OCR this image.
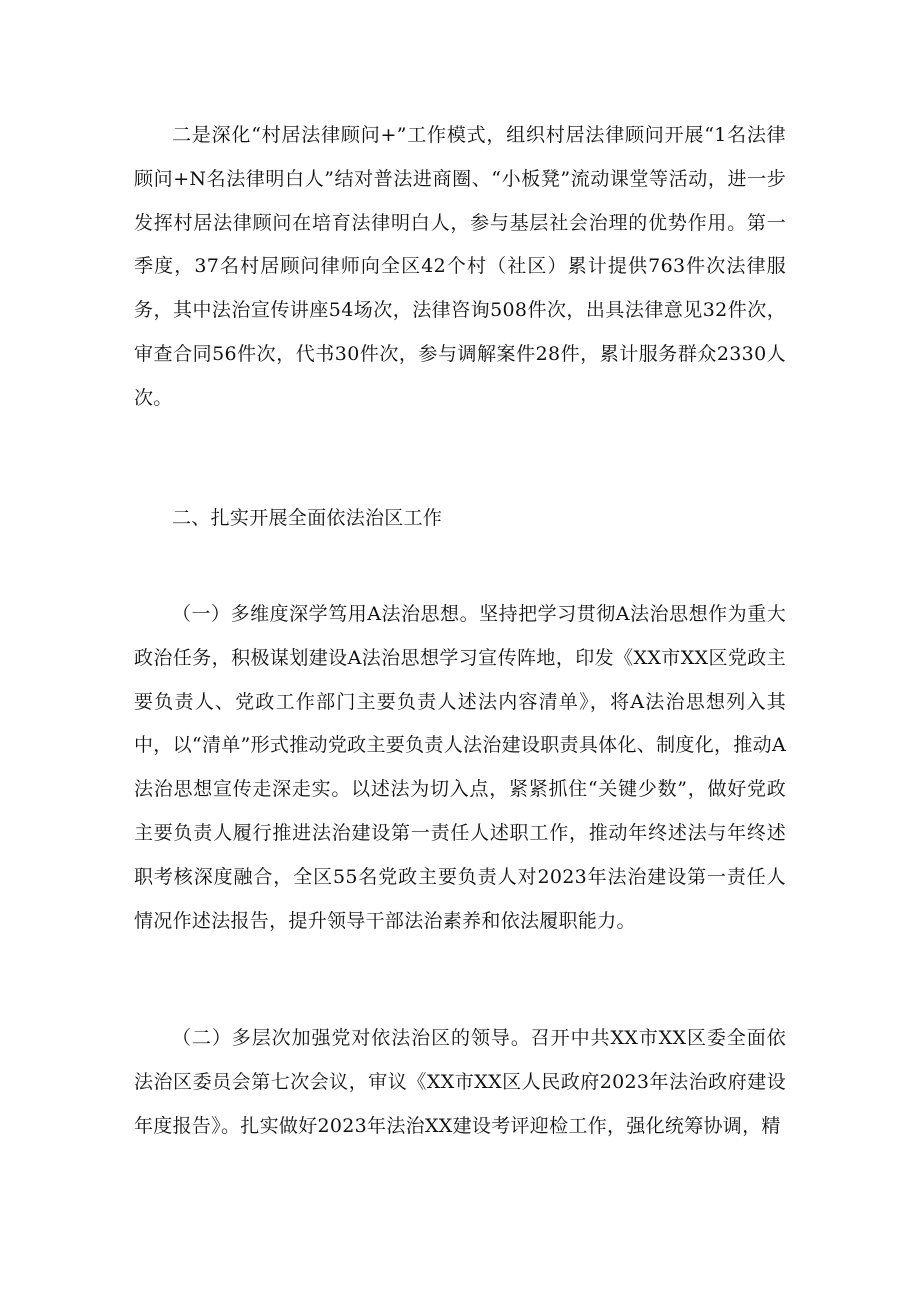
二是深化“村居法律顾问+”工作模式，组织村居法律顾问开展“1名法律顾问+N名法律明白人”结对普法进商圈、“小板凳”流动课堂等活动，进一步发挥村居法律顾问在培育法律明白人，参与基层社会治理的优势作用。第一季度，37名村居顾问律师向全区42个村（社区）累计提供763件次法律服务，其中法治宣传讲座54场次，法律咨询508件次，出具法律意见32件次，审查合同56件次，代书30件次，参与调解案件28件，累计服务群众2330人次。

二、扎实开展全面依法治区工作

（一）多维度深学笃用A法治思想。坚持把学习贯彻A法治思想作为重大政治任务，积极谋划建设A法治思想学习宣传阵地，印发《XX市XX区党政主要负责人、党政工作部门主要负责人述法内容清单》，将A法治思想列入其中，以“清单”形式推动党政主要负责人法治建设职责具体化、制度化，推动A法治思想宣传走深走实。以述法为切入点，紧紧抓住“关键少数”，做好党政主要负责人履行推进法治建设第一责任人述职工作，推动年终述法与年终述职考核深度融合，全区55名党政主要负责人对2023年法治建设第一责任人情况作述法报告，提升领导干部法治素养和依法履职能力。

（二）多层次加强党对依法治区的领导。召开中共XX市XX区委全面依法治区委员会第七次会议，审议《XX市XX区人民政府2023年法治政府建设年度报告》。扎实做好2023年法治XX建设考评迎检工作，强化统筹协调，精
